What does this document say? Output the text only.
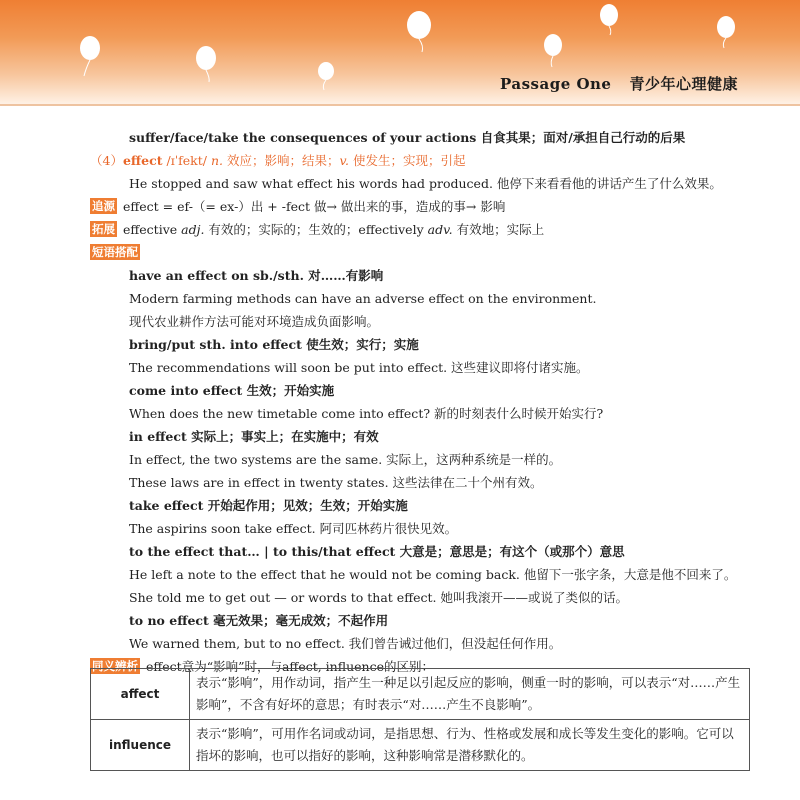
Passage One 青少年心理健康
suffer/face/take the consequences of your actions 自食其果；面对/承担自己行动的后果
（4）effect /ɪˈfekt/ n. 效应；影响；结果；v. 使发生；实现；引起
He stopped and saw what effect his words had produced. 他停下来看看他的讲话产生了什么效果。
追源 effect = ef-（= ex-）出 + -fect 做→ 做出来的事，造成的事→ 影响
拓展 effective adj. 有效的；实际的；生效的；effectively adv. 有效地；实际上
短语搭配
have an effect on sb./sth. 对……有影响
Modern farming methods can have an adverse effect on the environment.
现代农业耕作方法可能对环境造成负面影响。
bring/put sth. into effect 使生效；实行；实施
The recommendations will soon be put into effect. 这些建议即将付诸实施。
come into effect 生效；开始实施
When does the new timetable come into effect? 新的时刻表什么时候开始实行?
in effect 实际上；事实上；在实施中；有效
In effect, the two systems are the same. 实际上，这两种系统是一样的。
These laws are in effect in twenty states. 这些法律在二十个州有效。
take effect 开始起作用；见效；生效；开始实施
The aspirins soon take effect. 阿司匹林药片很快见效。
to the effect that… | to this/that effect 大意是；意思是；有这个（或那个）意思
He left a note to the effect that he would not be coming back. 他留下一张字条，大意是他不回来了。
She told me to get out — or words to that effect. 她叫我滚开——或说了类似的话。
to no effect 毫无效果；毫无成效；不起作用
We warned them, but to no effect. 我们曾告诫过他们，但没起任何作用。
同义辨析 effect意为“影响”时，与affect, influence的区别：
affect	表示“影响”，用作动词，指产生一种足以引起反应的影响，侧重一时的影响，可以表示“对……产生影响”，不含有好坏的意思；有时表示“对……产生不良影响”。
influence	表示“影响”，可用作名词或动词，是指思想、行为、性格或发展和成长等发生变化的影响。它可以指坏的影响，也可以指好的影响，这种影响常是潜移默化的。
